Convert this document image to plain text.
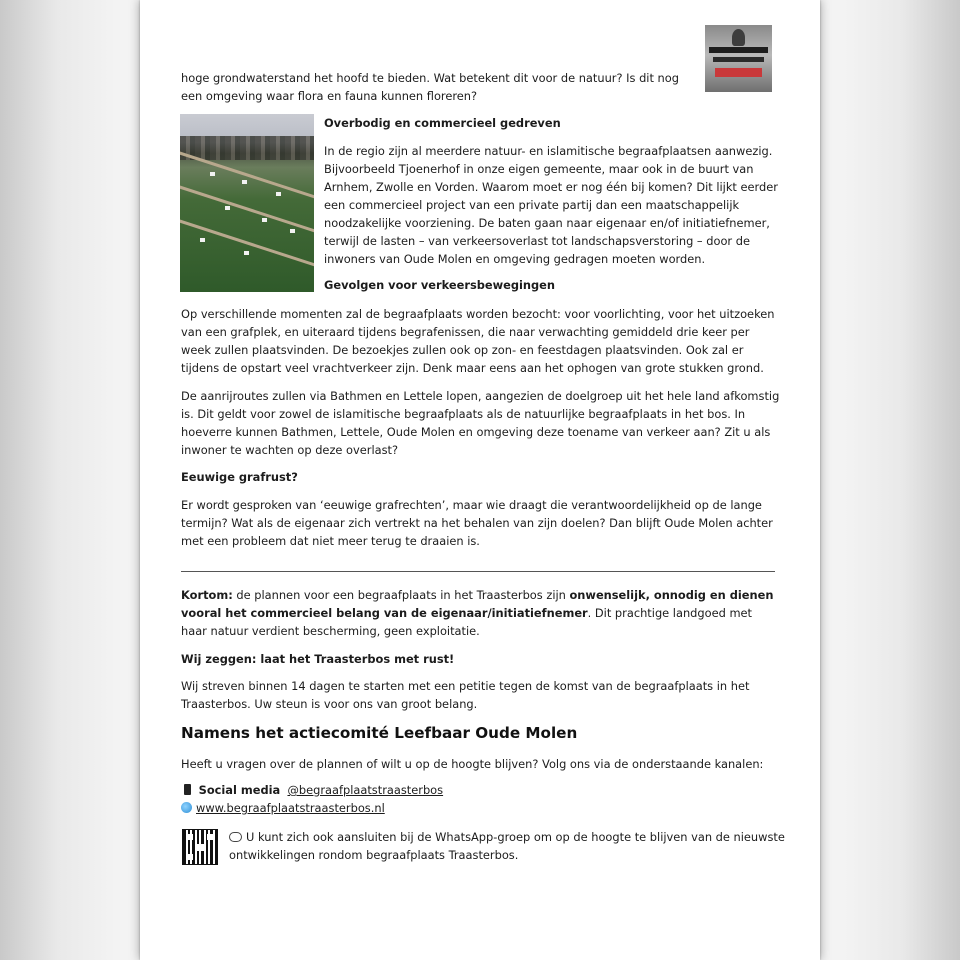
hoge grondwaterstand het hoofd te bieden. Wat betekent dit voor de natuur? Is dit nog een omgeving waar flora en fauna kunnen floreren?
Overbodig en commercieel gedreven
In de regio zijn al meerdere natuur- en islamitische begraafplaatsen aanwezig. Bijvoorbeeld Tjoenerhof in onze eigen gemeente, maar ook in de buurt van Arnhem, Zwolle en Vorden. Waarom moet er nog één bij komen? Dit lijkt eerder een commercieel project van een private partij dan een maatschappelijk noodzakelijke voorziening. De baten gaan naar eigenaar en/of initiatiefnemer, terwijl de lasten – van verkeersoverlast tot landschapsverstoring – door de inwoners van Oude Molen en omgeving gedragen moeten worden.
Gevolgen voor verkeersbewegingen
Op verschillende momenten zal de begraafplaats worden bezocht: voor voorlichting, voor het uitzoeken van een grafplek, en uiteraard tijdens begrafenissen, die naar verwachting gemiddeld drie keer per week zullen plaatsvinden. De bezoekjes zullen ook op zon- en feestdagen plaatsvinden. Ook zal er tijdens de opstart veel vrachtverkeer zijn. Denk maar eens aan het ophogen van grote stukken grond.
De aanrijroutes zullen via Bathmen en Lettele lopen, aangezien de doelgroep uit het hele land afkomstig is. Dit geldt voor zowel de islamitische begraafplaats als de natuurlijke begraafplaats in het bos. In hoeverre kunnen Bathmen, Lettele, Oude Molen en omgeving deze toename van verkeer aan? Zit u als inwoner te wachten op deze overlast?
Eeuwige grafrust?
Er wordt gesproken van ‘eeuwige grafrechten’, maar wie draagt die verantwoordelijkheid op de lange termijn? Wat als de eigenaar zich vertrekt na het behalen van zijn doelen? Dan blijft Oude Molen achter met een probleem dat niet meer terug te draaien is.
Kortom: de plannen voor een begraafplaats in het Traasterbos zijn onwenselijk, onnodig en dienen vooral het commercieel belang van de eigenaar/initiatiefnemer. Dit prachtige landgoed met haar natuur verdient bescherming, geen exploitatie.
Wij zeggen: laat het Traasterbos met rust!
Wij streven binnen 14 dagen te starten met een petitie tegen de komst van de begraafplaats in het Traasterbos. Uw steun is voor ons van groot belang.
Namens het actiecomité Leefbaar Oude Molen
Heeft u vragen over de plannen of wilt u op de hoogte blijven? Volg ons via de onderstaande kanalen:
Social media @begraafplaatstraasterbos
www.begraafplaatstraasterbos.nl
U kunt zich ook aansluiten bij de WhatsApp-groep om op de hoogte te blijven van de nieuwste ontwikkelingen rondom begraafplaats Traasterbos.
